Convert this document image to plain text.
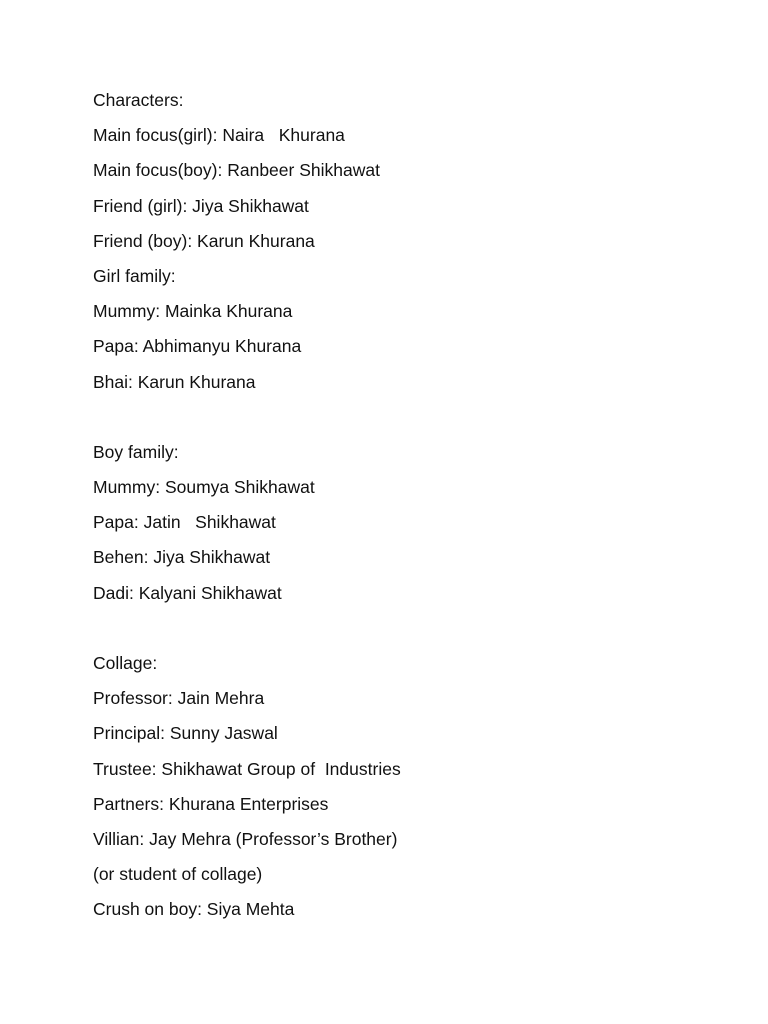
Characters:

Main focus(girl): Naira   Khurana

Main focus(boy): Ranbeer Shikhawat

Friend (girl): Jiya Shikhawat

Friend (boy): Karun Khurana

Girl family:

Mummy: Mainka Khurana

Papa: Abhimanyu Khurana

Bhai: Karun Khurana

Boy family:

Mummy: Soumya Shikhawat

Papa: Jatin   Shikhawat

Behen: Jiya Shikhawat

Dadi: Kalyani Shikhawat

Collage:

Professor: Jain Mehra

Principal: Sunny Jaswal

Trustee: Shikhawat Group of  Industries

Partners: Khurana Enterprises

Villian: Jay Mehra (Professor’s Brother)

(or student of collage)

Crush on boy: Siya Mehta
